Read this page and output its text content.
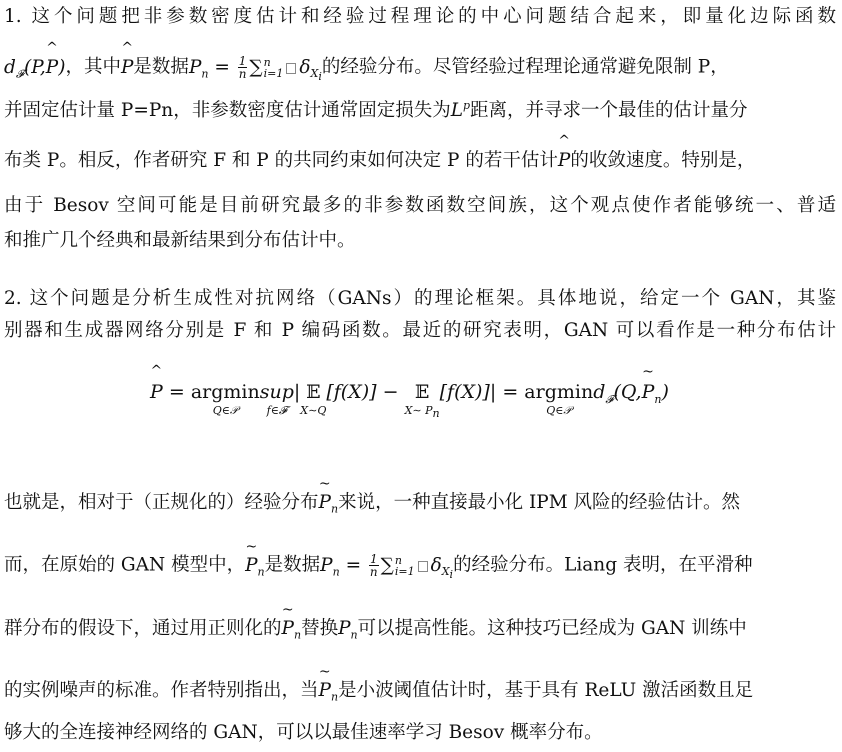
1. 这个问题把非参数密度估计和经验过程理论的中心问题结合起来，即量化边际函数
$d_𝓕(P,\^{}$ P)，其中^ P是数据$P_n = \frac{1}{n}$ ∑ n
i=1 $\delta_{X_i}$的经验分布。尽管经验过程理论通常避免限制 P，
并固定估计量 P=Pn，非参数密度估计通常固定损失为$L^p$距离，并寻求一个最佳的估计量分
布类 P。相反，作者研究 F 和 P 的共同约束如何决定 P 的若干估计^ P的收敛速度。特别是，
由于 Besov 空间可能是目前研究最多的非参数函数空间族，这个观点使作者能够统一、普适
和推广几个经典和最新结果到分布估计中。
2. 这个问题是分析生成性对抗网络（GANs）的理论框架。具体地说，给定一个 GAN，其鉴
别器和生成器网络分别是 F 和 P 编码函数。最近的研究表明，GAN 可以看作是一种分布估计
^ P = argmin
Q∈𝒫
sup
f∈𝓕
| 𝔼
X∼Q
[f(X)] − 𝔼
X∼ $P_n$
[f(X)]| = argmin
Q∈𝒫
$d_𝓕(Q,\sim$ $P_n$)
也就是，相对于（正规化的）经验分布~ $P_n$来说，一种直接最小化 IPM 风险的经验估计。然
而，在原始的 GAN 模型中，~ $P_n$是数据$P_n = \frac{1}{n}$ ∑ n
i=1 $\delta_{X_i}$的经验分布。Liang 表明，在平滑种
群分布的假设下，通过用正则化的~ $P_n$替换$P_n$可以提高性能。这种技巧已经成为 GAN 训练中
的实例噪声的标准。作者特别指出，当~ $P_n$是小波阈值估计时，基于具有 ReLU 激活函数且足
够大的全连接神经网络的 GAN，可以以最佳速率学习 Besov 概率分布。
